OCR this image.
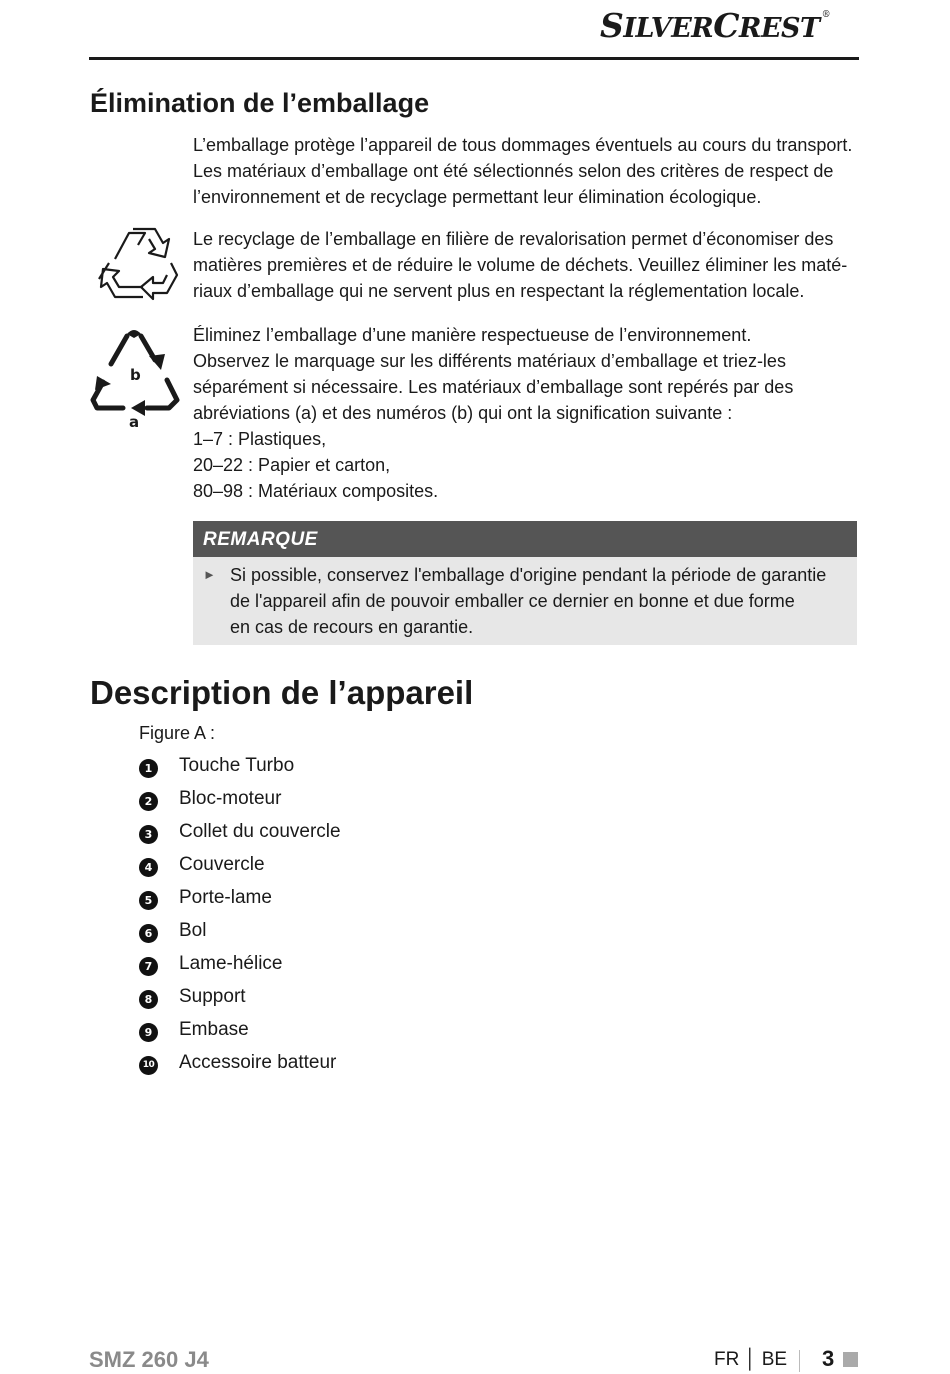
SILVERCREST ®
Élimination de l’emballage
L’emballage protège l’appareil de tous dommages éventuels au cours du transport.
Les matériaux d’emballage ont été sélectionnés selon des critères de respect de
l’environnement et de recyclage permettant leur élimination écologique.
Le recyclage de l’emballage en filière de revalorisation permet d’économiser des
matières premières et de réduire le volume de déchets. Veuillez éliminer les maté-
riaux d’emballage qui ne servent plus en respectant la réglementation locale.
b
a
Éliminez l’emballage d’une manière respectueuse de l’environnement.
Observez le marquage sur les différents matériaux d’emballage et triez-les
séparément si nécessaire. Les matériaux d’emballage sont repérés par des
abréviations (a) et des numéros (b) qui ont la signification suivante :
1–7 : Plastiques,
20–22 : Papier et carton,
80–98 : Matériaux composites.
REMARQUE
► Si possible, conservez l'emballage d'origine pendant la période de garantie
de l'appareil afin de pouvoir emballer ce dernier en bonne et due forme
en cas de recours en garantie.
Description de l’appareil
Figure A :
1 Touche Turbo
2 Bloc-moteur
3 Collet du couvercle
4 Couvercle
5 Porte-lame
6 Bol
7 Lame-hélice
8 Support
9 Embase
10 Accessoire batteur
SMZ 260 J4	FR │ BE 3
